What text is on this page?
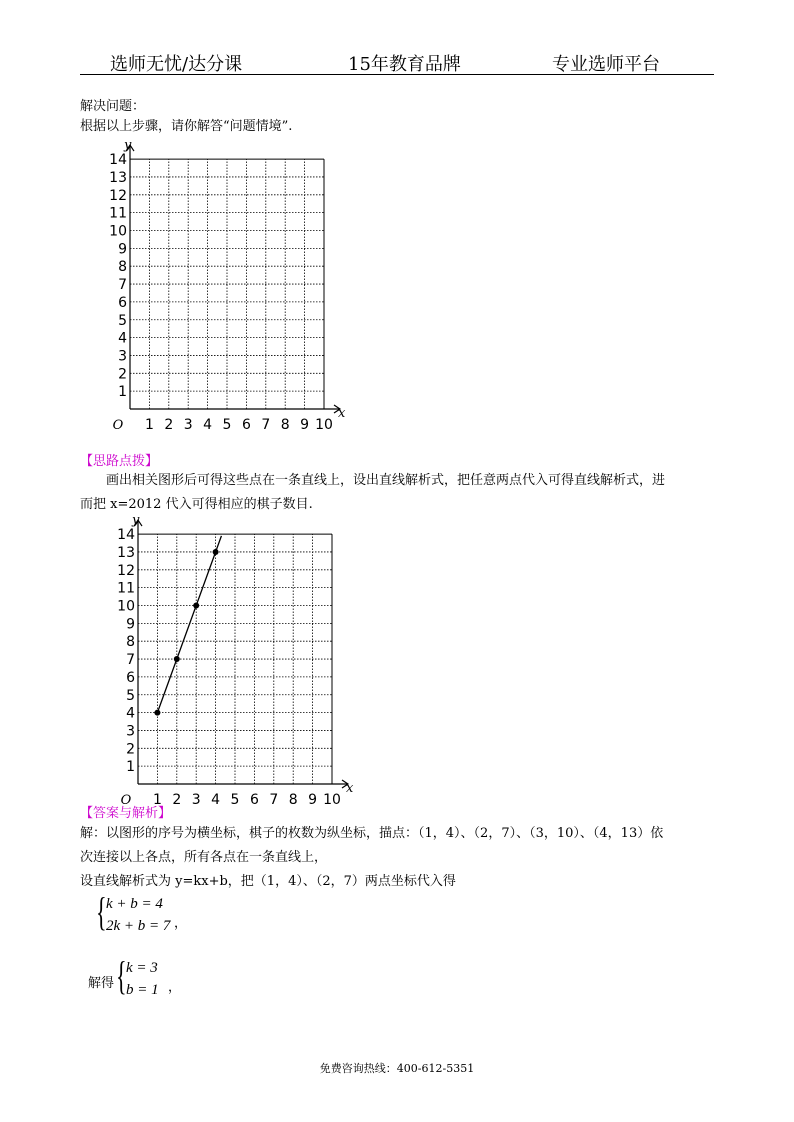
选师无忧/达分课	15年教育品牌	专业选师平台
解决问题：
根据以上步骤，请你解答“问题情境”.
1 2 3 4 5 6 7 8 9 10
1
2
3
4
5
6
7
8
9
10
11
12
13
14
O
x
y
【思路点拨】
画出相关图形后可得这些点在一条直线上，设出直线解析式，把任意两点代入可得直线解析式，进
而把 x=2012 代入可得相应的棋子数目.
1 2 3 4 5 6 7 8 9 10
1
2
3
4
5
6
7
8
9
10
11
12
13
14
O
x
y
【答案与解析】
解：以图形的序号为横坐标，棋子的枚数为纵坐标，描点：（1，4）、（2，7）、（3，10）、（4，13）依
次连接以上各点，所有各点在一条直线上，
设直线解析式为 y=kx+b，把（1，4）、（2，7）两点坐标代入得
{ k + b = 4
2k + b = 7 ，
解得 { k = 3
b = 1 ，
免费咨询热线：400-612-5351
